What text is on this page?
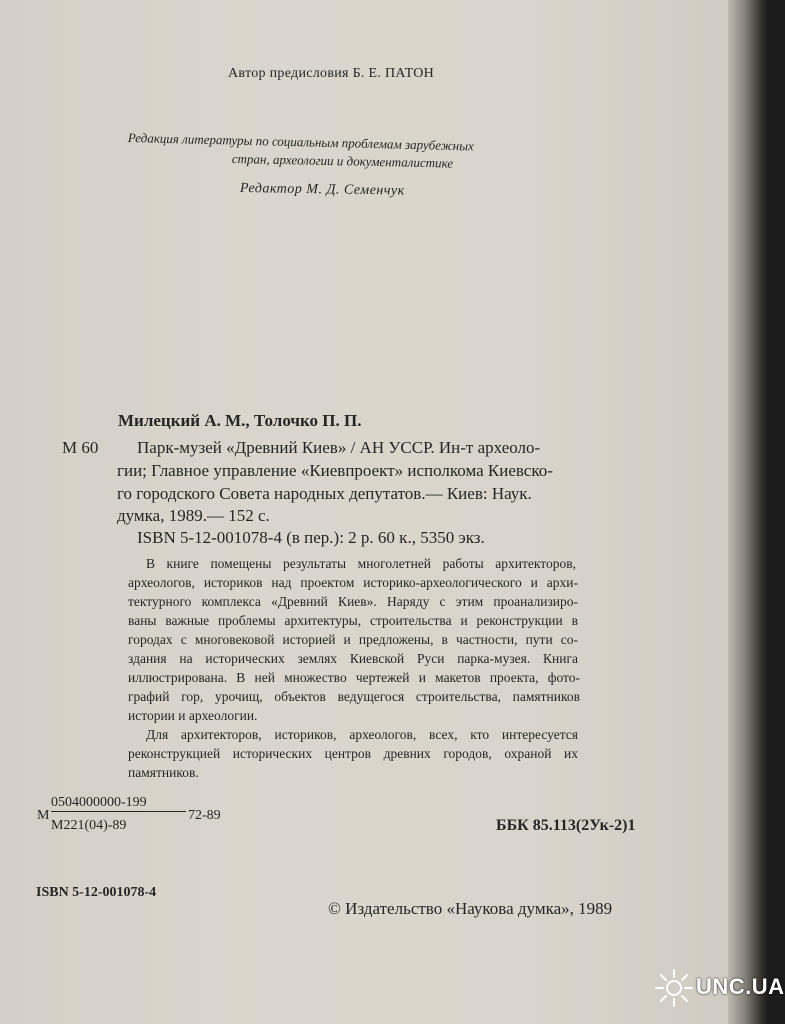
Автор предисловия Б. Е. ПАТОН
Редакция литературы по социальным проблемам зарубежных
стран, археологии и документалистике
Редактор М. Д. Семенчук
Милецкий А. М., Толочко П. П.
М 60 Парк-музей «Древний Киев» / АН УССР. Ин-т археоло-
гии; Главное управление «Киевпроект» исполкома Киевско-
го городского Совета народных депутатов.— Киев: Наук.
думка, 1989.— 152 с.
ISBN 5-12-001078-4 (в пер.): 2 р. 60 к., 5350 экз.
В книге помещены результаты многолетней работы архитекторов,
археологов, историков над проектом историко-археологического и архи-
тектурного комплекса «Древний Киев». Наряду с этим проанализиро-
ваны важные проблемы архитектуры, строительства и реконструкции в
городах с многовековой историей и предложены, в частности, пути со-
здания на исторических землях Киевской Руси парка-музея. Книга
иллюстрирована. В ней множество чертежей и макетов проекта, фото-
графий гор, урочищ, объектов ведущегося строительства, памятников
истории и археологии.
Для архитекторов, историков, археологов, всех, кто интересуется
реконструкцией исторических центров древних городов, охраной их
памятников.
М
0504000000-199
М221(04)-89
72-89
ББК 85.113(2Ук-2)1
ISBN 5-12-001078-4
© Издательство «Наукова думка», 1989
UNC.UA
